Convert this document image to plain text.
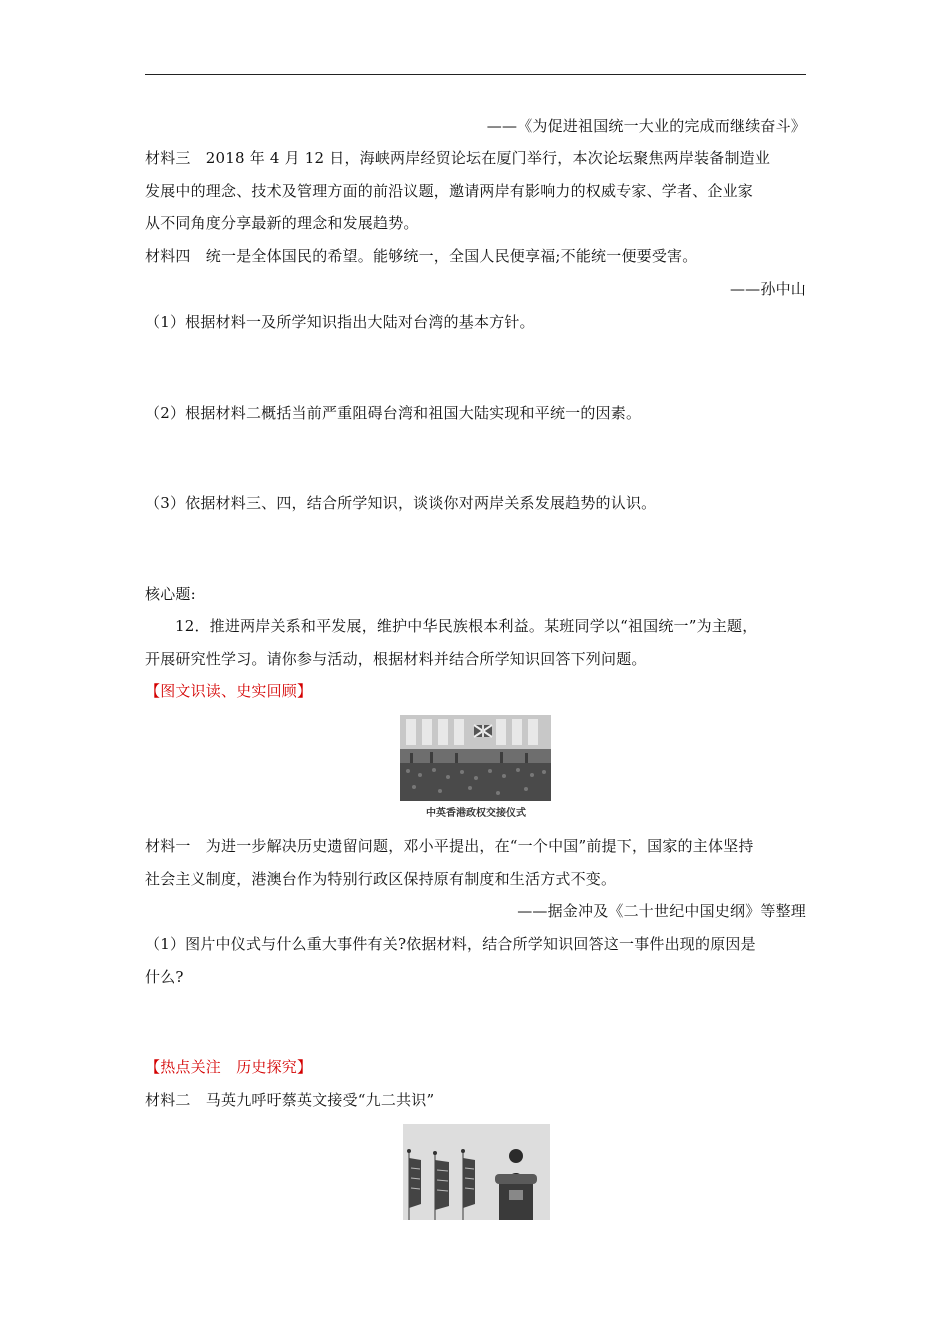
——《为促进祖国统一大业的完成而继续奋斗》
材料三　2018 年 4 月 12 日，海峡两岸经贸论坛在厦门举行，本次论坛聚焦两岸装备制造业
发展中的理念、技术及管理方面的前沿议题，邀请两岸有影响力的权威专家、学者、企业家
从不同角度分享最新的理念和发展趋势。
材料四　统一是全体国民的希望。能够统一，全国人民便享福;不能统一便要受害。
——孙中山
（1）根据材料一及所学知识指出大陆对台湾的基本方针。
（2）根据材料二概括当前严重阻碍台湾和祖国大陆实现和平统一的因素。
（3）依据材料三、四，结合所学知识，谈谈你对两岸关系发展趋势的认识。
核心题:
12．推进两岸关系和平发展，维护中华民族根本利益。某班同学以“祖国统一”为主题，
开展研究性学习。请你参与活动，根据材料并结合所学知识回答下列问题。
【图文识读、史实回顾】
中英香港政权交接仪式
材料一　为进一步解决历史遗留问题，邓小平提出，在“一个中国”前提下，国家的主体坚持
社会主义制度，港澳台作为特别行政区保持原有制度和生活方式不变。
——据金冲及《二十世纪中国史纲》等整理
（1）图片中仪式与什么重大事件有关?依据材料，结合所学知识回答这一事件出现的原因是
什么?
【热点关注　历史探究】
材料二　马英九呼吁蔡英文接受“九二共识”
